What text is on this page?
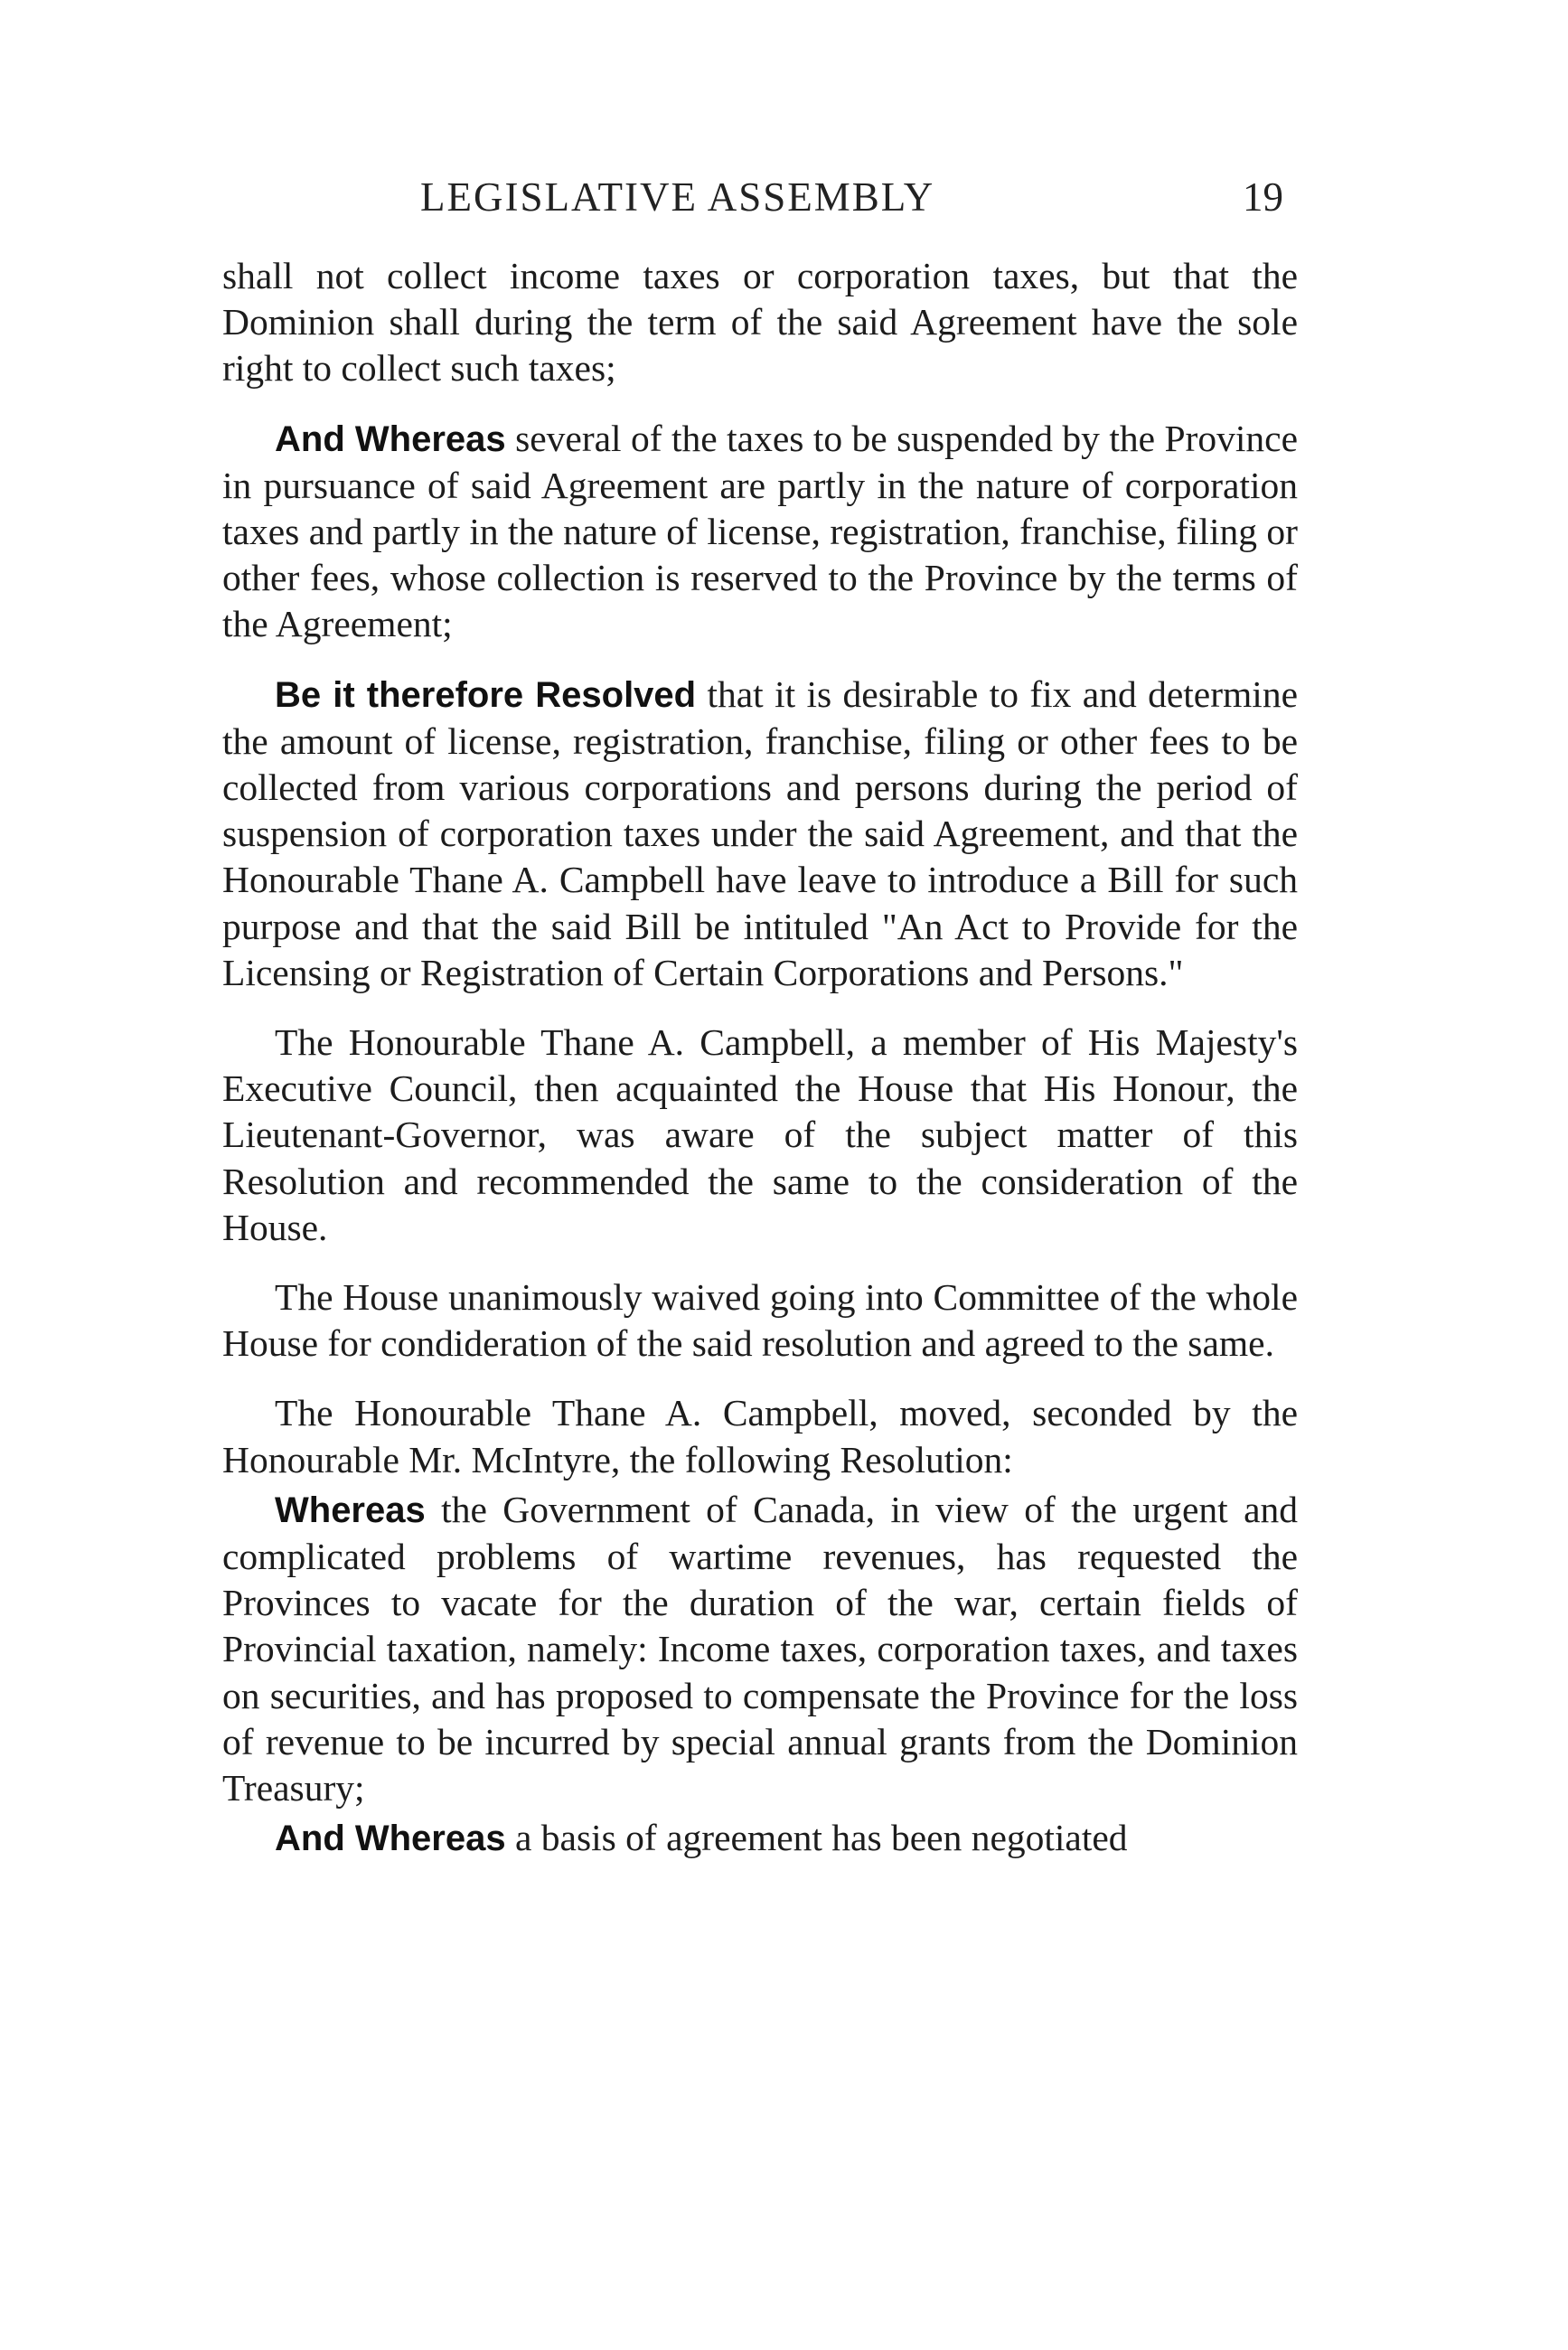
LEGISLATIVE ASSEMBLY	19

shall not collect income taxes or corporation taxes, but that the Dominion shall during the term of the said Agreement have the sole right to collect such taxes;

And Whereas several of the taxes to be suspended by the Province in pursuance of said Agreement are partly in the nature of corporation taxes and partly in the nature of license, registration, franchise, filing or other fees, whose collection is reserved to the Province by the terms of the Agreement;

Be it therefore Resolved that it is desirable to fix and determine the amount of license, registration, franchise, filing or other fees to be collected from various corporations and persons during the period of suspension of corporation taxes under the said Agreement, and that the Honourable Thane A. Campbell have leave to introduce a Bill for such purpose and that the said Bill be intituled "An Act to Provide for the Licensing or Registration of Certain Corporations and Persons."

The Honourable Thane A. Campbell, a member of His Majesty's Executive Council, then acquainted the House that His Honour, the Lieutenant-Governor, was aware of the subject matter of this Resolution and recommended the same to the consideration of the House.

The House unanimously waived going into Committee of the whole House for condideration of the said resolution and agreed to the same.

The Honourable Thane A. Campbell, moved, seconded by the Honourable Mr. McIntyre, the following Resolution:

Whereas the Government of Canada, in view of the urgent and complicated problems of wartime revenues, has requested the Provinces to vacate for the duration of the war, certain fields of Provincial taxation, namely: Income taxes, corporation taxes, and taxes on securities, and has proposed to compensate the Province for the loss of revenue to be incurred by special annual grants from the Dominion Treasury;

And Whereas a basis of agreement has been negotiated
